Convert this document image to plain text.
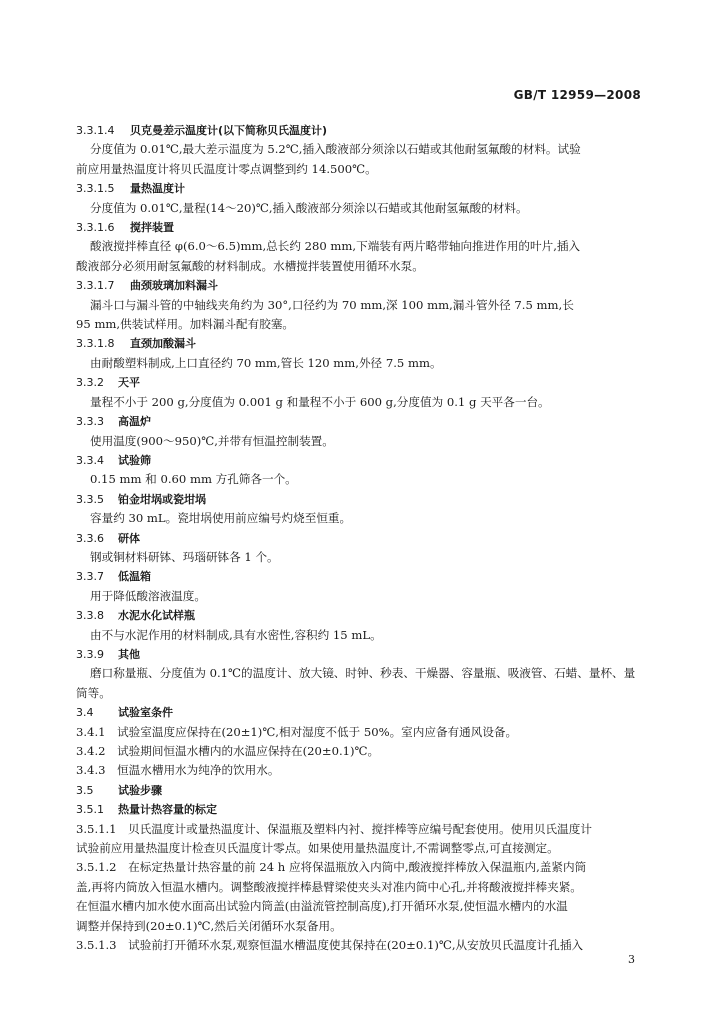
GB/T 12959—2008
3.3.1.4 贝克曼差示温度计(以下简称贝氏温度计)
分度值为 0.01℃,最大差示温度为 5.2℃,插入酸液部分须涂以石蜡或其他耐氢氟酸的材料。试验
前应用量热温度计将贝氏温度计零点调整到约 14.500℃。
3.3.1.5 量热温度计
分度值为 0.01℃,量程(14～20)℃,插入酸液部分须涂以石蜡或其他耐氢氟酸的材料。
3.3.1.6 搅拌装置
酸液搅拌棒直径 φ(6.0～6.5)mm,总长约 280 mm,下端装有两片略带轴向推进作用的叶片,插入
酸液部分必须用耐氢氟酸的材料制成。水槽搅拌装置使用循环水泵。
3.3.1.7 曲颈玻璃加料漏斗
漏斗口与漏斗管的中轴线夹角约为 30°,口径约为 70 mm,深 100 mm,漏斗管外径 7.5 mm,长
95 mm,供装试样用。加料漏斗配有胶塞。
3.3.1.8 直颈加酸漏斗
由耐酸塑料制成,上口直径约 70 mm,管长 120 mm,外径 7.5 mm。
3.3.2 天平
量程不小于 200 g,分度值为 0.001 g 和量程不小于 600 g,分度值为 0.1 g 天平各一台。
3.3.3 高温炉
使用温度(900～950)℃,并带有恒温控制装置。
3.3.4 试验筛
0.15 mm 和 0.60 mm 方孔筛各一个。
3.3.5 铂金坩埚或瓷坩埚
容量约 30 mL。瓷坩埚使用前应编号灼烧至恒重。
3.3.6 研体
钢或铜材料研钵、玛瑙研钵各 1 个。
3.3.7 低温箱
用于降低酸溶液温度。
3.3.8 水泥水化试样瓶
由不与水泥作用的材料制成,具有水密性,容积约 15 mL。
3.3.9 其他
磨口称量瓶、分度值为 0.1℃的温度计、放大镜、时钟、秒表、干燥器、容量瓶、吸液管、石蜡、量杯、量
筒等。
3.4 试验室条件
3.4.1　试验室温度应保持在(20±1)℃,相对湿度不低于 50%。室内应备有通风设备。
3.4.2　试验期间恒温水槽内的水温应保持在(20±0.1)℃。
3.4.3　恒温水槽用水为纯净的饮用水。
3.5 试验步骤
3.5.1 热量计热容量的标定
3.5.1.1　贝氏温度计或量热温度计、保温瓶及塑料内衬、搅拌棒等应编号配套使用。使用贝氏温度计
试验前应用量热温度计检查贝氏温度计零点。如果使用量热温度计,不需调整零点,可直接测定。
3.5.1.2　在标定热量计热容量的前 24 h 应将保温瓶放入内筒中,酸液搅拌棒放入保温瓶内,盖紧内筒
盖,再将内筒放入恒温水槽内。调整酸液搅拌棒悬臂梁使夹头对准内筒中心孔,并将酸液搅拌棒夹紧。
在恒温水槽内加水使水面高出试验内筒盖(由溢流管控制高度),打开循环水泵,使恒温水槽内的水温
调整并保持到(20±0.1)℃,然后关闭循环水泵备用。
3.5.1.3　试验前打开循环水泵,观察恒温水槽温度使其保持在(20±0.1)℃,从安放贝氏温度计孔插入
3
